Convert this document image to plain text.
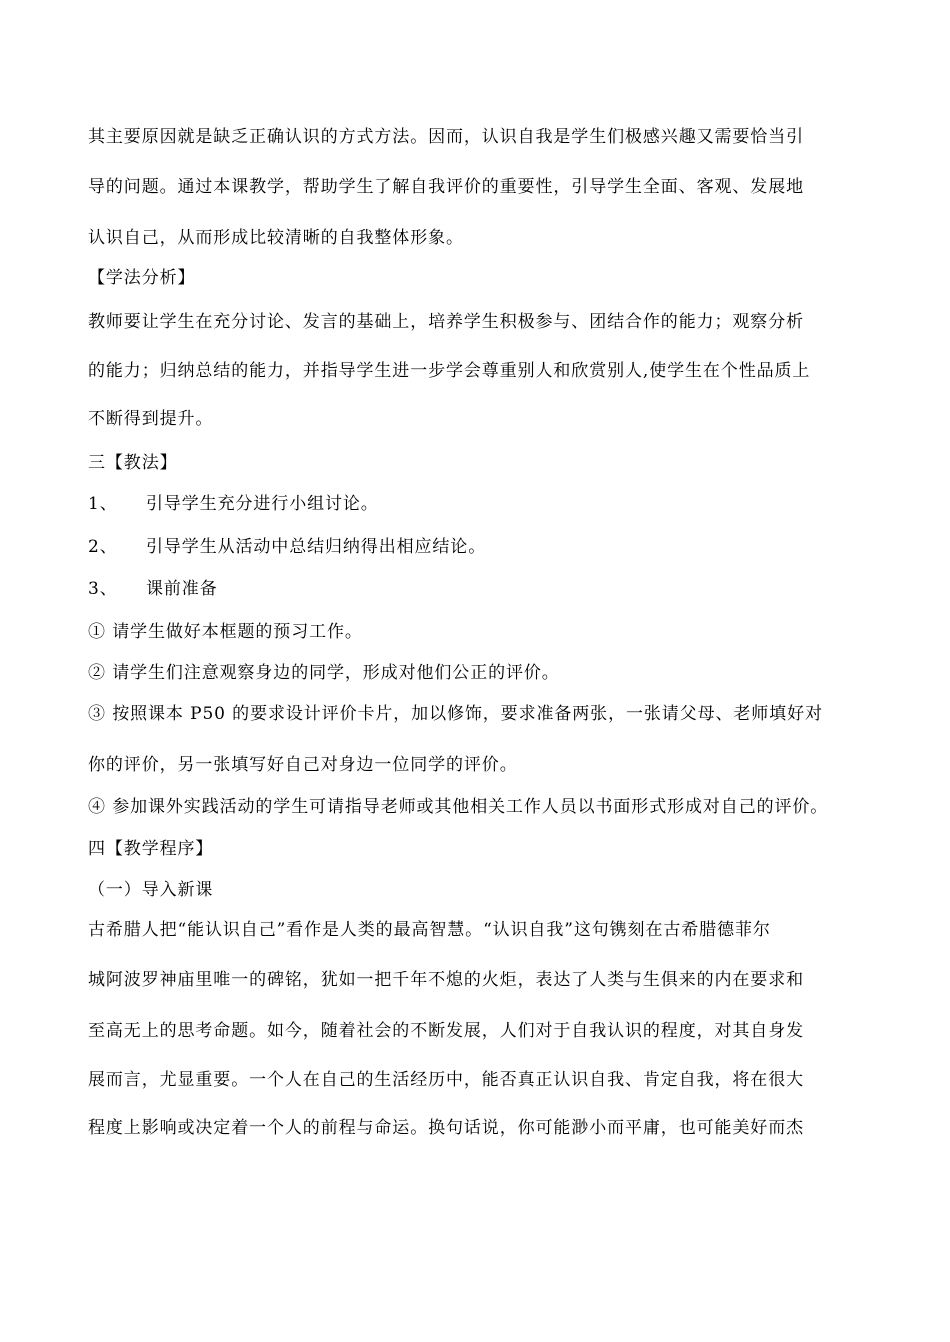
其主要原因就是缺乏正确认识的方式方法。因而，认识自我是学生们极感兴趣又需要恰当引
导的问题。通过本课教学，帮助学生了解自我评价的重要性，引导学生全面、客观、发展地
认识自己，从而形成比较清晰的自我整体形象。
【学法分析】
教师要让学生在充分讨论、发言的基础上，培养学生积极参与、团结合作的能力；观察分析
的能力；归纳总结的能力，并指导学生进一步学会尊重别人和欣赏别人,使学生在个性品质上
不断得到提升。
三【教法】
1、 引导学生充分进行小组讨论。
2、 引导学生从活动中总结归纳得出相应结论。
3、 课前准备
① 请学生做好本框题的预习工作。
② 请学生们注意观察身边的同学，形成对他们公正的评价。
③ 按照课本 P50 的要求设计评价卡片，加以修饰，要求准备两张，一张请父母、老师填好对
你的评价，另一张填写好自己对身边一位同学的评价。
④ 参加课外实践活动的学生可请指导老师或其他相关工作人员以书面形式形成对自己的评价。
四【教学程序】
（一）导入新课
古希腊人把“能认识自己”看作是人类的最高智慧。“认识自我”这句镌刻在古希腊德菲尔
城阿波罗神庙里唯一的碑铭，犹如一把千年不熄的火炬，表达了人类与生俱来的内在要求和
至高无上的思考命题。如今，随着社会的不断发展，人们对于自我认识的程度，对其自身发
展而言，尤显重要。一个人在自己的生活经历中，能否真正认识自我、肯定自我，将在很大
程度上影响或决定着一个人的前程与命运。换句话说，你可能渺小而平庸，也可能美好而杰
